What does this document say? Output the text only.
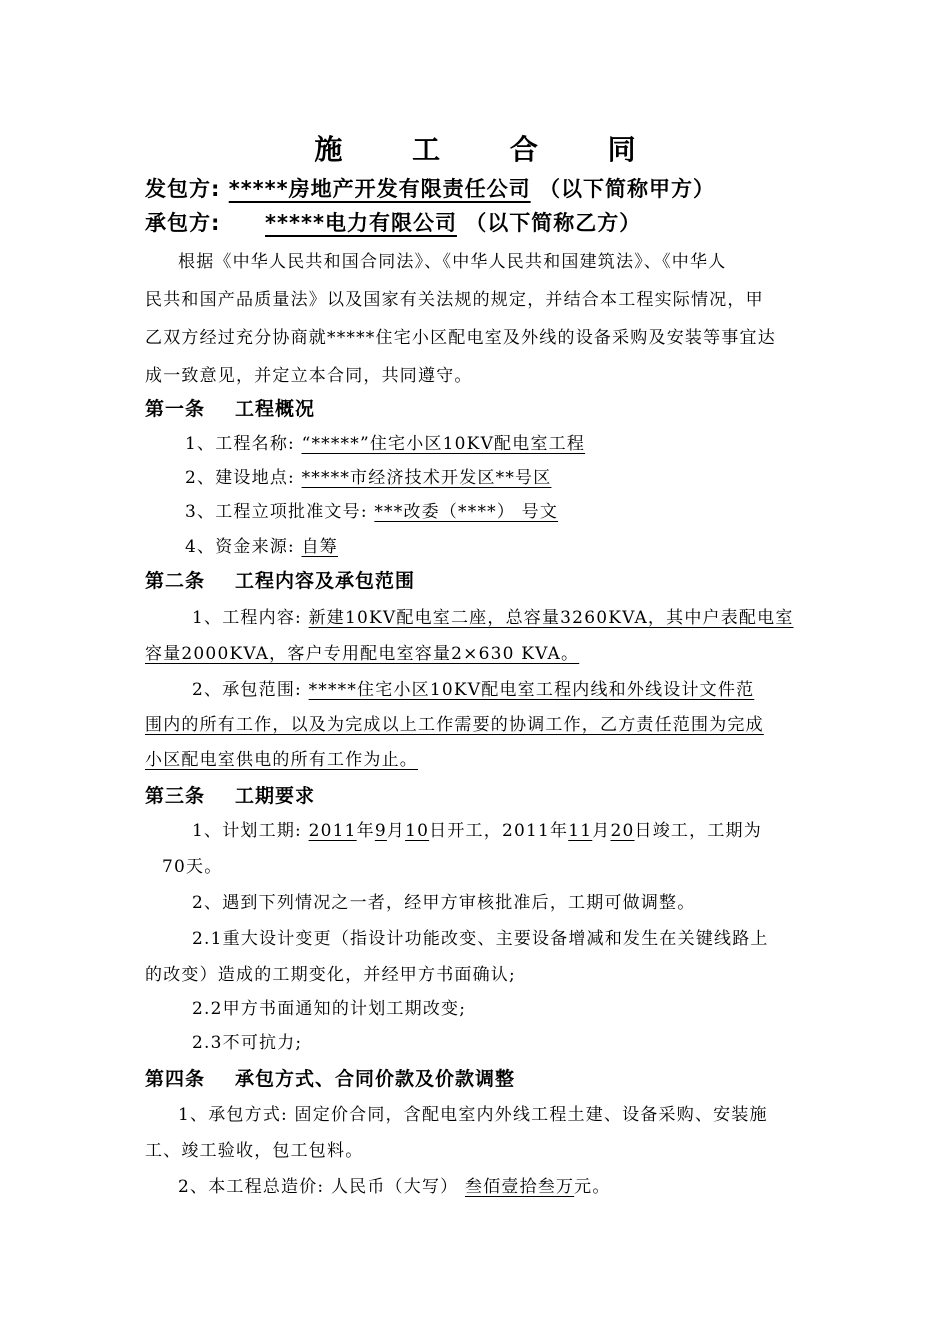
施 工 合 同
发包方: *****房地产开发有限责任公司 （以下简称甲方）
承包方: *****电力有限公司 （以下简称乙方）
根据《中华人民共和国合同法》、《中华人民共和国建筑法》、《中华人
民共和国产品质量法》以及国家有关法规的规定，并结合本工程实际情况，甲
乙双方经过充分协商就*****住宅小区配电室及外线的设备采购及安装等事宜达
成一致意见，并定立本合同，共同遵守。
第一条 工程概况
1、工程名称: “*****”住宅小区10KV配电室工程
2、建设地点: *****市经济技术开发区**号区
3、工程立项批准文号: ***改委（****） 号文
4、资金来源: 自筹
第二条 工程内容及承包范围
1、工程内容: 新建10KV配电室二座，总容量3260KVA，其中户表配电室
容量2000KVA，客户专用配电室容量2×630 KVA。
2、承包范围: *****住宅小区10KV配电室工程内线和外线设计文件范
围内的所有工作，以及为完成以上工作需要的协调工作，乙方责任范围为完成
小区配电室供电的所有工作为止。
第三条 工期要求
1、计划工期: 2011年9月10日开工，2011年11月20日竣工，工期为
70天。
2、遇到下列情况之一者，经甲方审核批准后，工期可做调整。
2.1重大设计变更（指设计功能改变、主要设备增减和发生在关键线路上
的改变）造成的工期变化，并经甲方书面确认;
2.2甲方书面通知的计划工期改变;
2.3不可抗力;
第四条 承包方式、合同价款及价款调整
1、承包方式: 固定价合同，含配电室内外线工程土建、设备采购、安装施
工、竣工验收，包工包料。
2、本工程总造价: 人民币（大写） 叁佰壹拾叁万元。
